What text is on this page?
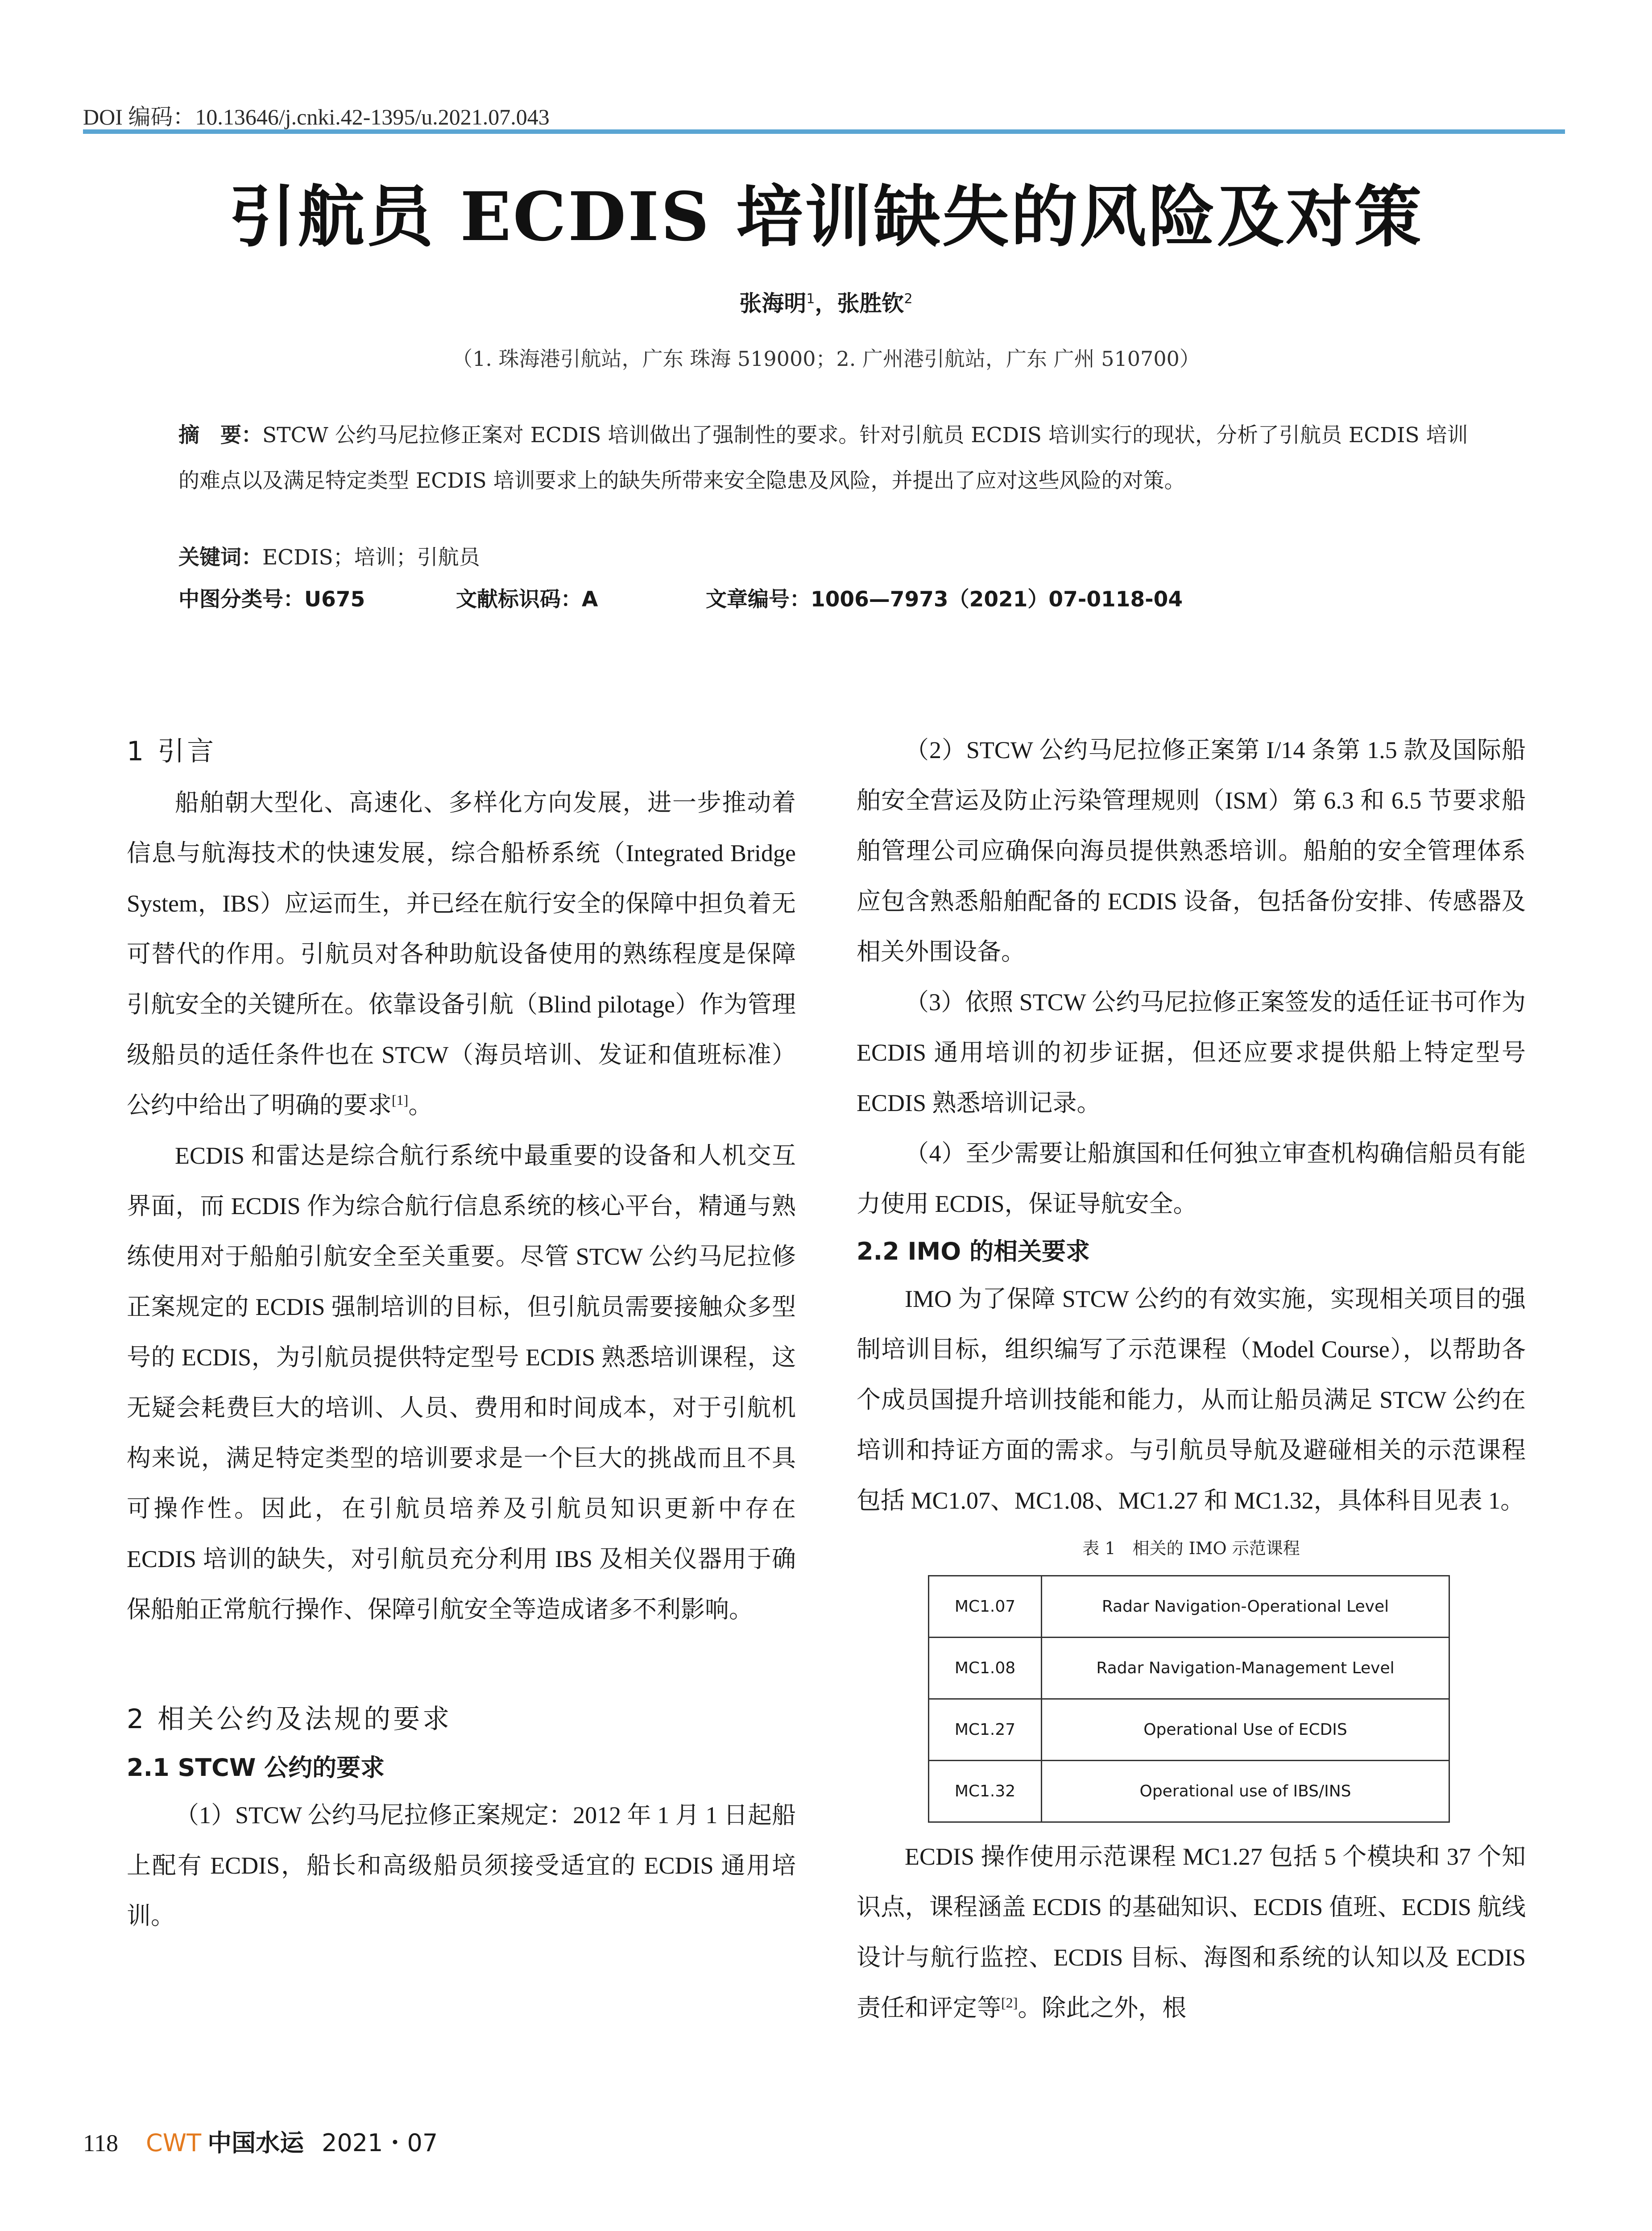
DOI 编码：10.13646/j.cnki.42-1395/u.2021.07.043
引航员 ECDIS 培训缺失的风险及对策
张海明$^1$，张胜钦$^2$
（1. 珠海港引航站，广东 珠海 519000；2. 广州港引航站，广东 广州 510700）
摘　要：STCW 公约马尼拉修正案对 ECDIS 培训做出了强制性的要求。针对引航员 ECDIS 培训实行的现状，分析了引航员 ECDIS 培训的难点以及满足特定类型 ECDIS 培训要求上的缺失所带来安全隐患及风险，并提出了应对这些风险的对策。
关键词：ECDIS；培训；引航员
中图分类号：U675	文献标识码：A	文章编号：1006—7973（2021）07-0118-04
1 引言

船舶朝大型化、高速化、多样化方向发展，进一步推动着信息与航海技术的快速发展，综合船桥系统（Integrated Bridge System，IBS）应运而生，并已经在航行安全的保障中担负着无可替代的作用。引航员对各种助航设备使用的熟练程度是保障引航安全的关键所在。依靠设备引航（Blind pilotage）作为管理级船员的适任条件也在 STCW（海员培训、发证和值班标准）公约中给出了明确的要求[1]。

ECDIS 和雷达是综合航行系统中最重要的设备和人机交互界面，而 ECDIS 作为综合航行信息系统的核心平台，精通与熟练使用对于船舶引航安全至关重要。尽管 STCW 公约马尼拉修正案规定的 ECDIS 强制培训的目标，但引航员需要接触众多型号的 ECDIS，为引航员提供特定型号 ECDIS 熟悉培训课程，这无疑会耗费巨大的培训、人员、费用和时间成本，对于引航机构来说，满足特定类型的培训要求是一个巨大的挑战而且不具可操作性。因此，在引航员培养及引航员知识更新中存在 ECDIS 培训的缺失，对引航员充分利用 IBS 及相关仪器用于确保船舶正常航行操作、保障引航安全等造成诸多不利影响。

2 相关公约及法规的要求
2.1 STCW 公约的要求

（1）STCW 公约马尼拉修正案规定：2012 年 1 月 1 日起船上配有 ECDIS，船长和高级船员须接受适宜的 ECDIS 通用培训。

（2）STCW 公约马尼拉修正案第 I/14 条第 1.5 款及国际船舶安全营运及防止污染管理规则（ISM）第 6.3 和 6.5 节要求船舶管理公司应确保向海员提供熟悉培训。船舶的安全管理体系应包含熟悉船舶配备的 ECDIS 设备，包括备份安排、传感器及相关外围设备。

（3）依照 STCW 公约马尼拉修正案签发的适任证书可作为 ECDIS 通用培训的初步证据，但还应要求提供船上特定型号 ECDIS 熟悉培训记录。

（4）至少需要让船旗国和任何独立审查机构确信船员有能力使用 ECDIS，保证导航安全。

2.2 IMO 的相关要求

IMO 为了保障 STCW 公约的有效实施，实现相关项目的强制培训目标，组织编写了示范课程（Model Course），以帮助各个成员国提升培训技能和能力，从而让船员满足 STCW 公约在培训和持证方面的需求。与引航员导航及避碰相关的示范课程包括 MC1.07、MC1.08、MC1.27 和 MC1.32，具体科目见表 1。

表 1　相关的 IMO 示范课程
MC1.07	Radar Navigation-Operational Level
MC1.08	Radar Navigation-Management Level
MC1.27	Operational Use of ECDIS
MC1.32	Operational use of IBS/INS

ECDIS 操作使用示范课程 MC1.27 包括 5 个模块和 37 个知识点，课程涵盖 ECDIS 的基础知识、ECDIS 值班、ECDIS 航线设计与航行监控、ECDIS 目标、海图和系统的认知以及 ECDIS 责任和评定等[2]。除此之外，根

118 CWT 中国水运 2021・07
